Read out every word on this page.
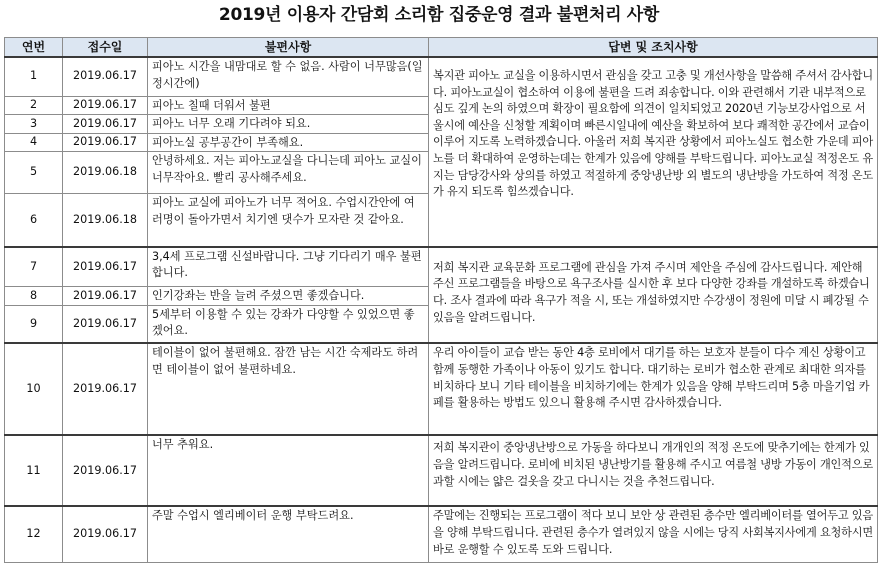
2019년 이용자 간담회 소리함 집중운영 결과 불편처리 사항
연번	접수일	불편사항	답변 및 조치사항
1	2019.06.17	피아노 시간을 내맘대로 할 수 없음. 사람이 너무많음(일정시간에)	복지관 피아노 교실을 이용하시면서 관심을 갖고 고충 및 개선사항을 말씀해 주셔서 감사합니다. 피아노교실이 협소하여 이용에 불편을 드려 죄송합니다. 이와 관련해서 기관 내부적으로 심도 깊게 논의 하였으며 확장이 필요함에 의견이 일치되었고 2020년 기능보강사업으로 서울시에 예산을 신청할 계획이며 빠른시일내에 예산을 확보하여 보다 쾌적한 공간에서 교습이 이루어 지도록 노력하겠습니다. 아울러 저희 복지관 상황에서 피아노실도 협소한 가운데 피아노를 더 확대하여 운영하는데는 한계가 있음에 양해를 부탁드립니다. 피아노교실 적정온도 유지는 담당강사와 상의를 하였고 적절하게 중앙냉난방 외 별도의 냉난방을 가도하여 적정 온도가 유지 되도록 힘쓰겠습니다.
2	2019.06.17	피아노 칠때 더워서 불편	
3	2019.06.17	피아노 너무 오래 기다려야 되요.	
4	2019.06.17	피아노실 공부공간이 부족해요.	
5	2019.06.18	안녕하세요. 저는 피아노교실을 다니는데 피아노 교실이 너무작아요. 빨리 공사해주세요.	
6	2019.06.18	피아노 교실에 피아노가 너무 적어요. 수업시간안에 여러명이 돌아가면서 치기엔 댓수가 모자란 것 같아요.	
7	2019.06.17	3,4세 프로그램 신설바랍니다. 그냥 기다리기 매우 불편합니다.	저희 복지관 교육문화 프로그램에 관심을 가져 주시며 제안을 주심에 감사드립니다. 제안해 주신 프로그램들을 바탕으로 욕구조사를 실시한 후 보다 다양한 강좌를 개설하도록 하겠습니다. 조사 결과에 따라 욕구가 적을 시, 또는 개설하였지만 수강생이 정원에 미달 시 폐강될 수 있음을 알려드립니다.
8	2019.06.17	인기강좌는 반을 늘려 주셨으면 좋겠습니다.	
9	2019.06.17	5세부터 이용할 수 있는 강좌가 다양할 수 있었으면 좋겠어요.	
10	2019.06.17	테이블이 없어 불편해요. 잠깐 남는 시간 숙제라도 하려면 테이블이 없어 불편하네요.	우리 아이들이 교습 받는 동안 4층 로비에서 대기를 하는 보호자 분들이 다수 계신 상황이고 함께 동행한 가족이나 아동이 있기도 합니다. 대기하는 로비가 협소한 관계로 최대한 의자를 비치하다 보니 기타 테이블을 비치하기에는 한계가 있음을 양해 부탁드리며 5층 마을기업 카페를 활용하는 방법도 있으니 활용해 주시면 감사하겠습니다.
11	2019.06.17	너무 추워요.	저희 복지관이 중앙냉난방으로 가동을 하다보니 개개인의 적정 온도에 맞추기에는 한계가 있음을 알려드립니다. 로비에 비치된 냉난방기를 활용해 주시고 여름철 냉방 가동이 개인적으로 과할 시에는 얇은 걸옷을 갖고 다니시는 것을 추천드립니다.
12	2019.06.17	주말 수업시 엘리베이터 운행 부탁드려요.	주말에는 진행되는 프로그램이 적다 보니 보안 상 관련된 층수만 엘리베이터를 열어두고 있음을 양해 부탁드립니다. 관련된 층수가 열려있지 않을 시에는 당직 사회복지사에게 요청하시면 바로 운행할 수 있도록 도와 드립니다.
